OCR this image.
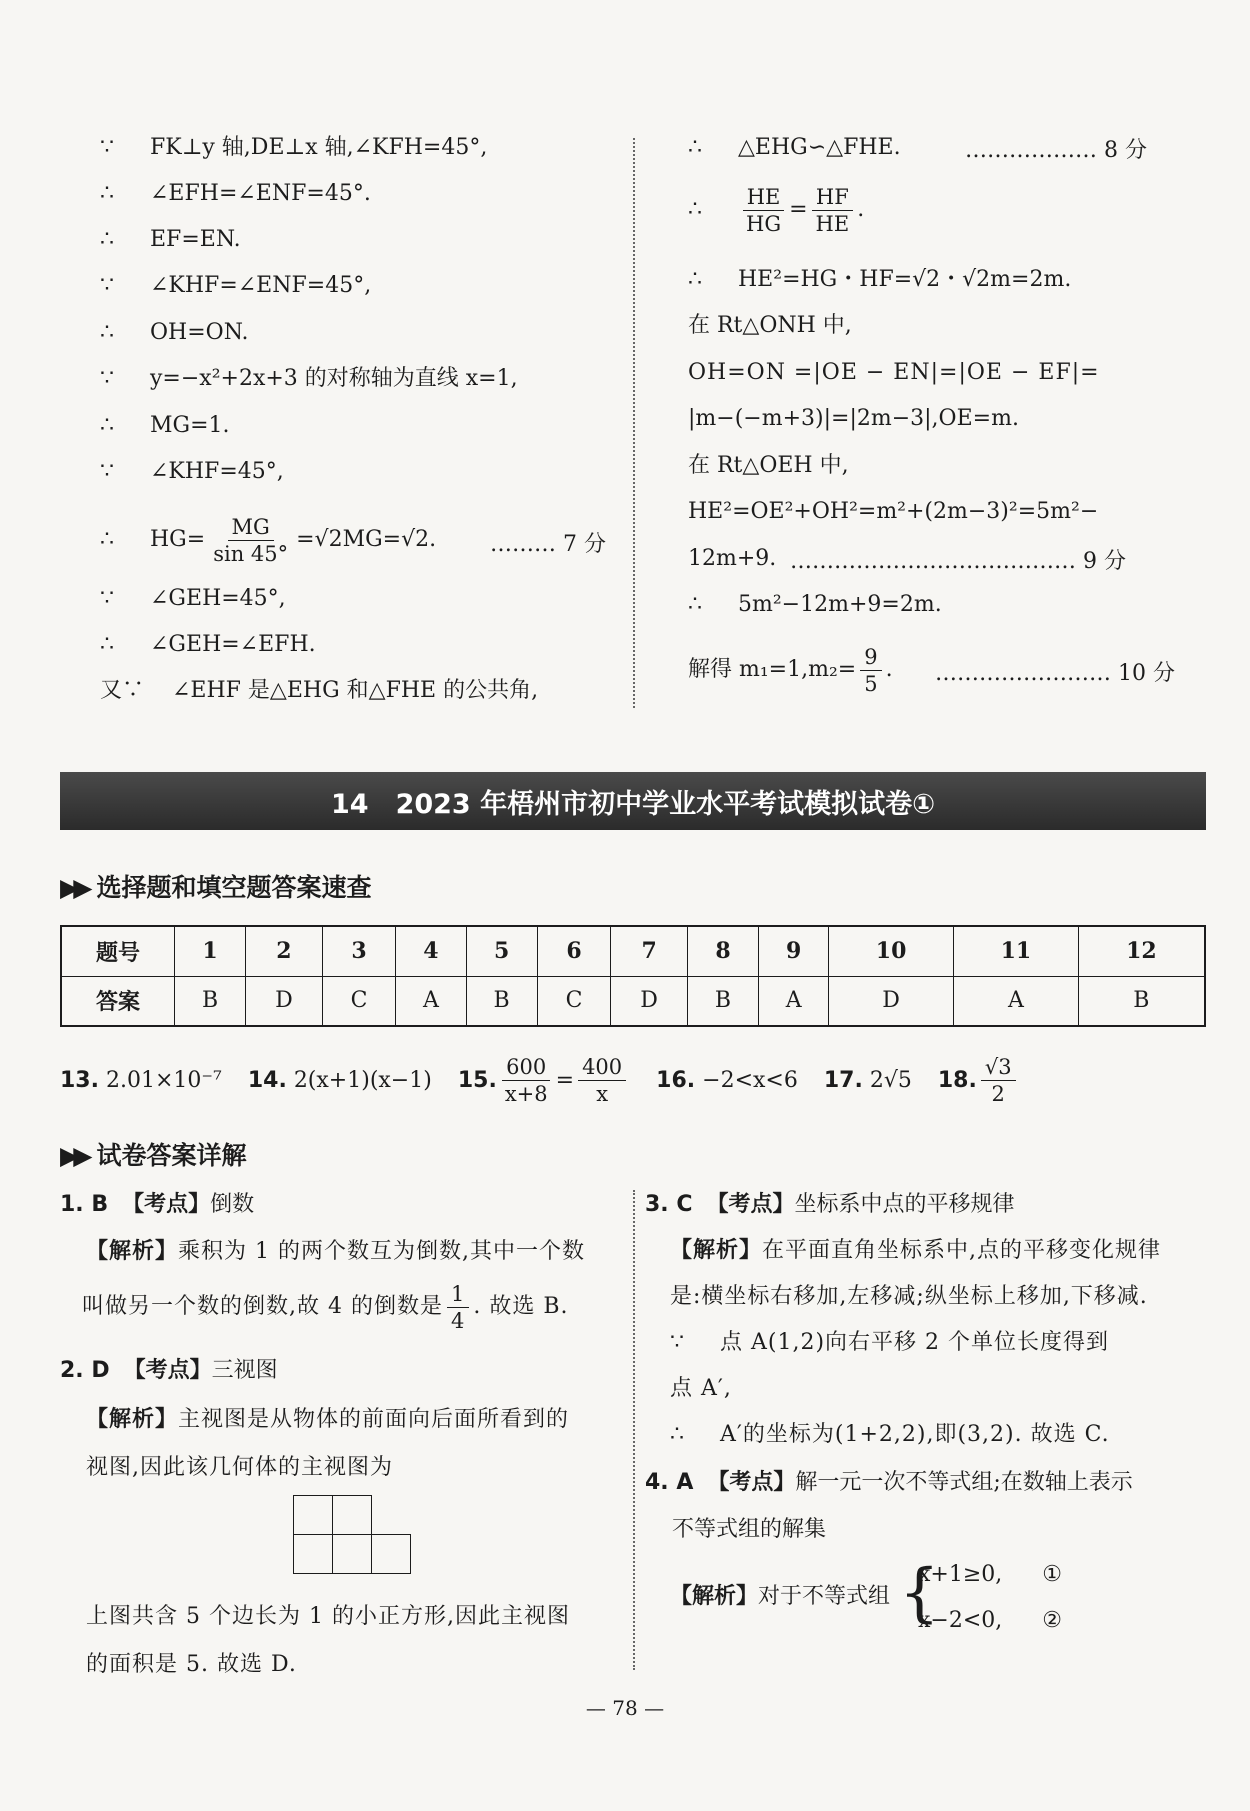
∵ FK⊥y 轴,DE⊥x 轴,∠KFH=45°,
∴ ∠EFH=∠ENF=45°.
∴ EF=EN.
∵ ∠KHF=∠ENF=45°,
∴ OH=ON.
∵ y=−x²+2x+3 的对称轴为直线 x=1,
∴ MG=1.
∵ ∠KHF=45°,
∴ $HG= \frac{MG}{\sin 45^\circ} =√2MG=√2$. ……… 7 分
∵ ∠GEH=45°,
∴ ∠GEH=∠EFH.
又∵ ∠EHF 是△EHG 和△FHE 的公共角,
∴ △EHG∽△FHE.	……………… 8 分
∴ $\frac{HE}{HG} = \frac{HF}{HE}$ .
∴ HE²=HG・HF=√2・√2m=2m.
在 Rt△ONH 中,
OH=ON =|OE − EN|=|OE − EF|=
|m−(−m+3)|=|2m−3|,OE=m.
在 Rt△OEH 中,
HE²=OE²+OH²=m²+(2m−3)²=5m²−
12m+9. ………………………………… 9 分
∴ 5m²−12m+9=2m.
解得 $m_1=1,m_2= \frac{9}{5}$ . …………………… 10 分
14　2023 年梧州市初中学业水平考试模拟试卷①
▶▶ 选择题和填空题答案速查
题号	1	2	3	4	5	6	7	8	9	10	11	12
答案	B	D	C	A	B	C	D	B	A	D	A	B
13.
2.01×10⁻⁷ 14.
2(x+1)(x−1) 15. $\frac{600}{x+8} = \frac{400}{x} 16$.
−2<x<6 17.
2√5 18. $\frac{√3}{2}$
▶▶ 试卷答案详解
1. B 【考点】倒数
【解析】乘积为 1 的两个数互为倒数,其中一个数
叫做另一个数的倒数,故 4 的倒数是 $\frac{1}{4}$ . 故选 B.
2. D 【考点】三视图
【解析】主视图是从物体的前面向后面所看到的
视图,因此该几何体的主视图为
上图共含 5 个边长为 1 的小正方形,因此主视图
的面积是 5. 故选 D.
3. C 【考点】坐标系中点的平移规律
【解析】在平面直角坐标系中,点的平移变化规律
是:横坐标右移加,左移减;纵坐标上移加,下移减.
∵ 点 A(1,2)向右平移 2 个单位长度得到
点 A′,
∴ A′的坐标为(1+2,2),即(3,2). 故选 C.
4. A 【考点】解一元一次不等式组;在数轴上表示
不等式组的解集
【解析】对于不等式组 {
x+1≥0, ①
x−2<0, ②
— 78 —
